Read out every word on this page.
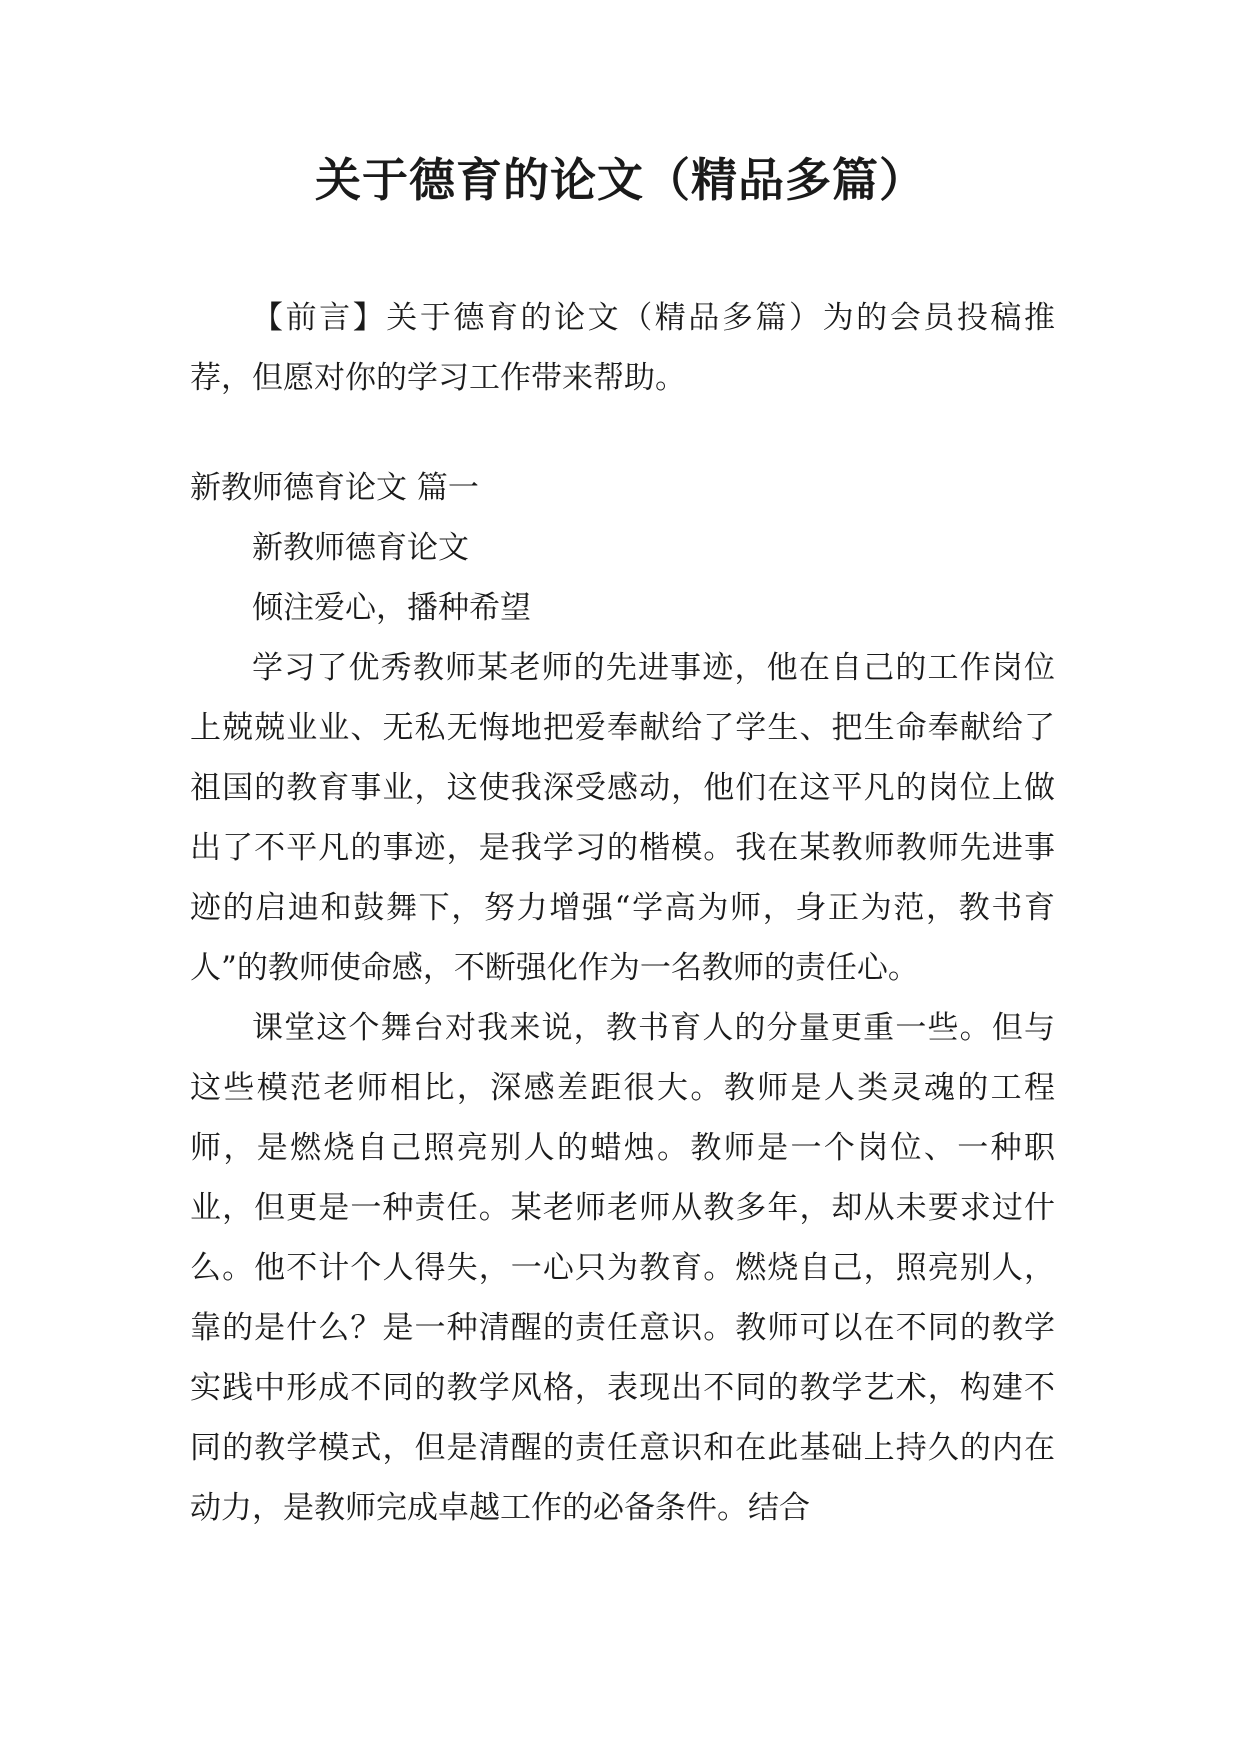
关于德育的论文（精品多篇）

【前言】关于德育的论文（精品多篇）为的会员投稿推荐，但愿对你的学习工作带来帮助。

新教师德育论文 篇一

新教师德育论文

倾注爱心，播种希望

学习了优秀教师某老师的先进事迹，他在自己的工作岗位上兢兢业业、无私无悔地把爱奉献给了学生、把生命奉献给了祖国的教育事业，这使我深受感动，他们在这平凡的岗位上做出了不平凡的事迹，是我学习的楷模。我在某教师教师先进事迹的启迪和鼓舞下，努力增强“学高为师，身正为范，教书育人”的教师使命感，不断强化作为一名教师的责任心。

课堂这个舞台对我来说，教书育人的分量更重一些。但与这些模范老师相比，深感差距很大。教师是人类灵魂的工程师，是燃烧自己照亮别人的蜡烛。教师是一个岗位、一种职业，但更是一种责任。某老师老师从教多年，却从未要求过什么。他不计个人得失，一心只为教育。燃烧自己，照亮别人，靠的是什么？是一种清醒的责任意识。教师可以在不同的教学实践中形成不同的教学风格，表现出不同的教学艺术，构建不同的教学模式，但是清醒的责任意识和在此基础上持久的内在动力，是教师完成卓越工作的必备条件。结合
